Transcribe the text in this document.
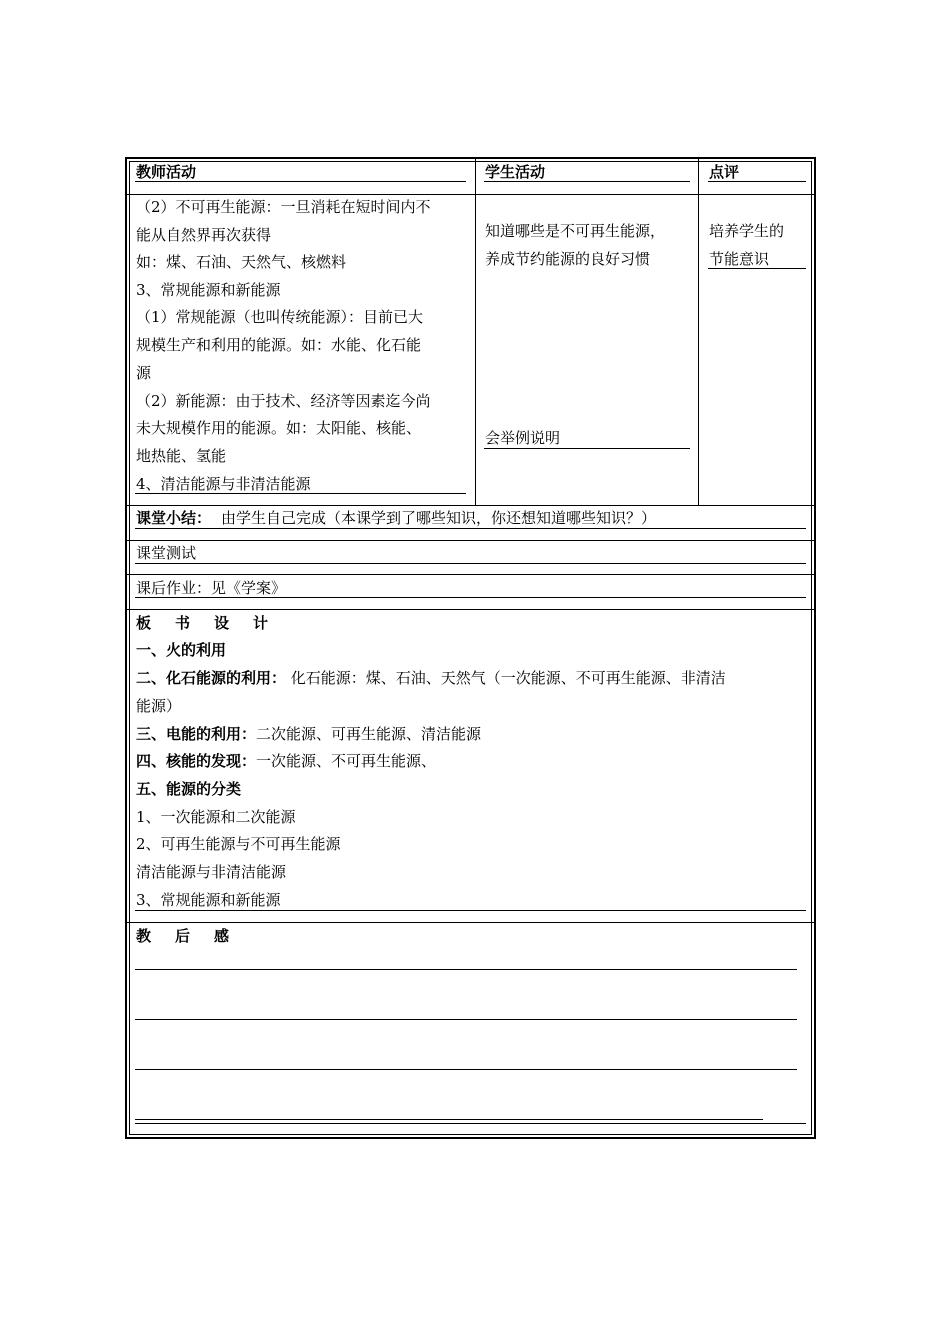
教师活动	学生活动	点评
（2）不可再生能源：一旦消耗在短时间内不
能从自然界再次获得
如：煤、石油、天然气、核燃料
3、常规能源和新能源
（1）常规能源（也叫传统能源）：目前已大
规模生产和利用的能源。如：水能、化石能
源
（2）新能源：由于技术、经济等因素迄今尚
未大规模作用的能源。如：太阳能、核能、
地热能、氢能
4、清洁能源与非清洁能源
知道哪些是不可再生能源，
养成节约能源的良好习惯
会举例说明
培养学生的
节能意识
课堂小结： 由学生自己完成（本课学到了哪些知识，你还想知道哪些知识？）
课堂测试
课后作业：见《学案》
板书设计
一、火的利用
二、化石能源的利用： 化石能源：煤、石油、天然气（一次能源、不可再生能源、非清洁
能源）
三、电能的利用：二次能源、可再生能源、清洁能源
四、核能的发现：一次能源、不可再生能源、
五、能源的分类
1、一次能源和二次能源
2、可再生能源与不可再生能源
清洁能源与非清洁能源
3、常规能源和新能源
教后感
